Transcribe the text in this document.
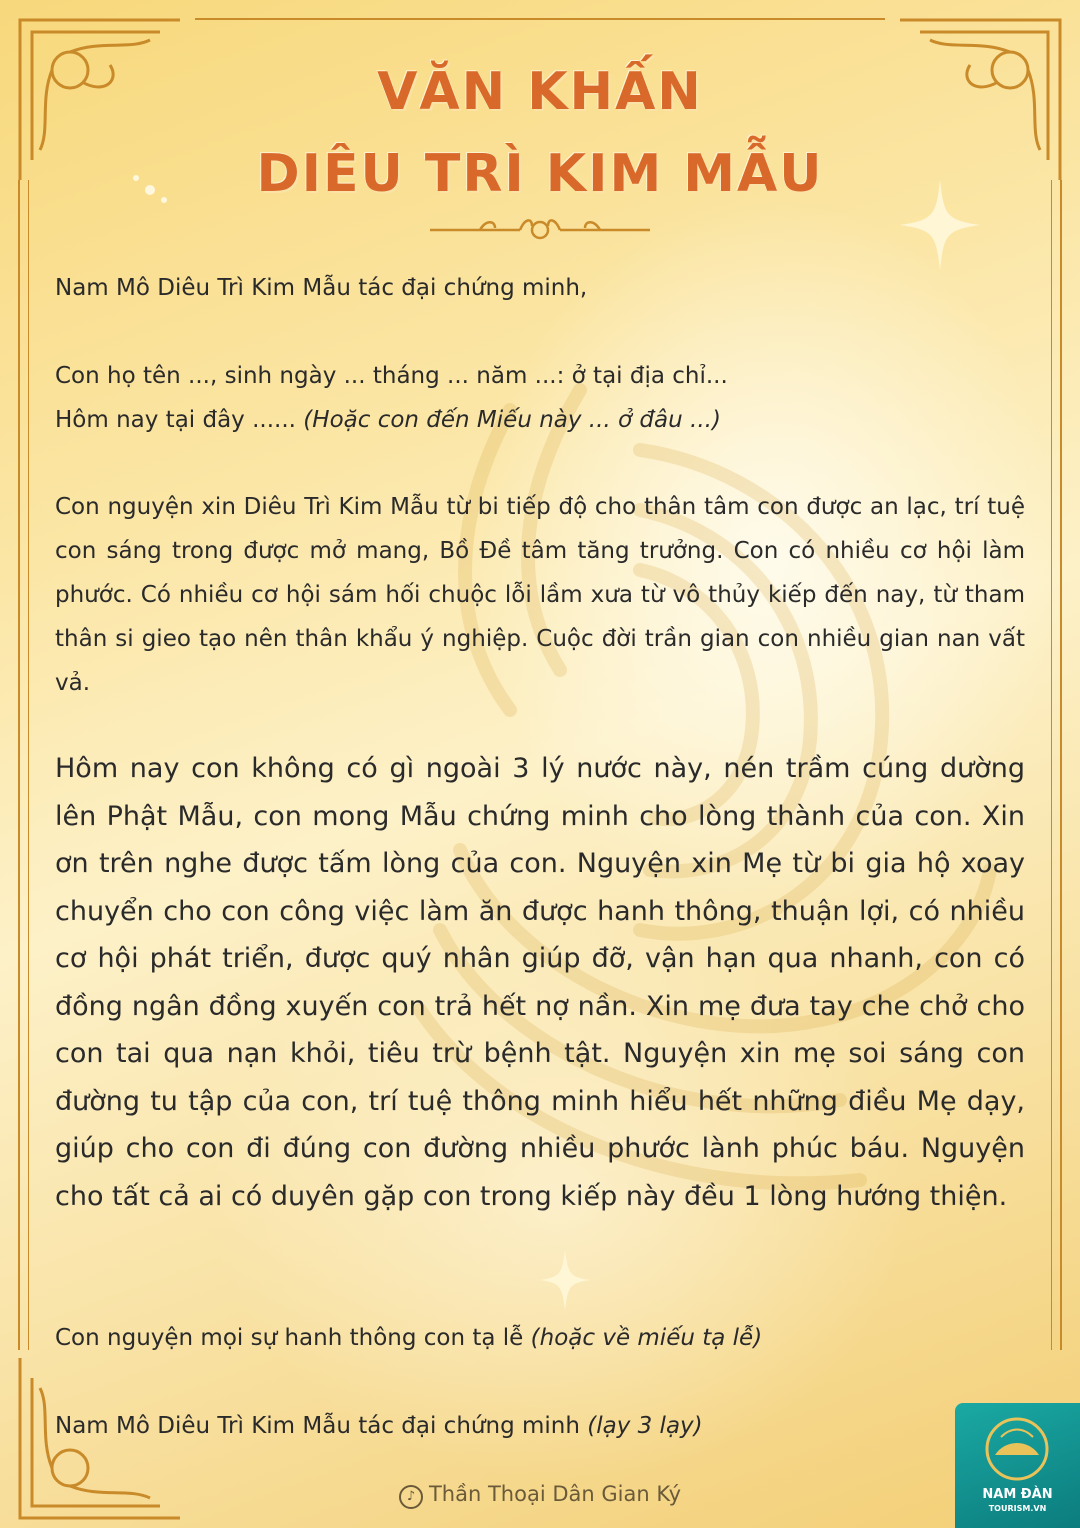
VĂN KHẤN
DIÊU TRÌ KIM MẪU
Nam Mô Diêu Trì Kim Mẫu tác đại chứng minh,
Con họ tên ..., sinh ngày ... tháng ... năm ...: ở tại địa chỉ...
Hôm nay tại đây ...... (Hoặc con đến Miếu này ... ở đâu ...)
Con nguyện xin Diêu Trì Kim Mẫu từ bi tiếp độ cho thân tâm con được an lạc, trí tuệ con sáng trong được mở mang, Bồ Đề tâm tăng trưởng. Con có nhiều cơ hội làm phước. Có nhiều cơ hội sám hối chuộc lỗi lầm xưa từ vô thủy kiếp đến nay, từ tham thân si gieo tạo nên thân khẩu ý nghiệp. Cuộc đời trần gian con nhiều gian nan vất vả.
Hôm nay con không có gì ngoài 3 lý nước này, nén trầm cúng dường lên Phật Mẫu, con mong Mẫu chứng minh cho lòng thành của con. Xin ơn trên nghe được tấm lòng của con. Nguyện xin Mẹ từ bi gia hộ xoay chuyển cho con công việc làm ăn được hanh thông, thuận lợi, có nhiều cơ hội phát triển, được quý nhân giúp đỡ, vận hạn qua nhanh, con có đồng ngân đồng xuyến con trả hết nợ nần. Xin mẹ đưa tay che chở cho con tai qua nạn khỏi, tiêu trừ bệnh tật. Nguyện xin mẹ soi sáng con đường tu tập của con, trí tuệ thông minh hiểu hết những điều Mẹ dạy, giúp cho con đi đúng con đường nhiều phước lành phúc báu. Nguyện cho tất cả ai có duyên gặp con trong kiếp này đều 1 lòng hướng thiện.
Con nguyện mọi sự hanh thông con tạ lễ (hoặc về miếu tạ lễ)
Nam Mô Diêu Trì Kim Mẫu tác đại chứng minh (lạy 3 lạy)
♪ Thần Thoại Dân Gian Ký	NAM ĐÀN
TOURISM.VN
